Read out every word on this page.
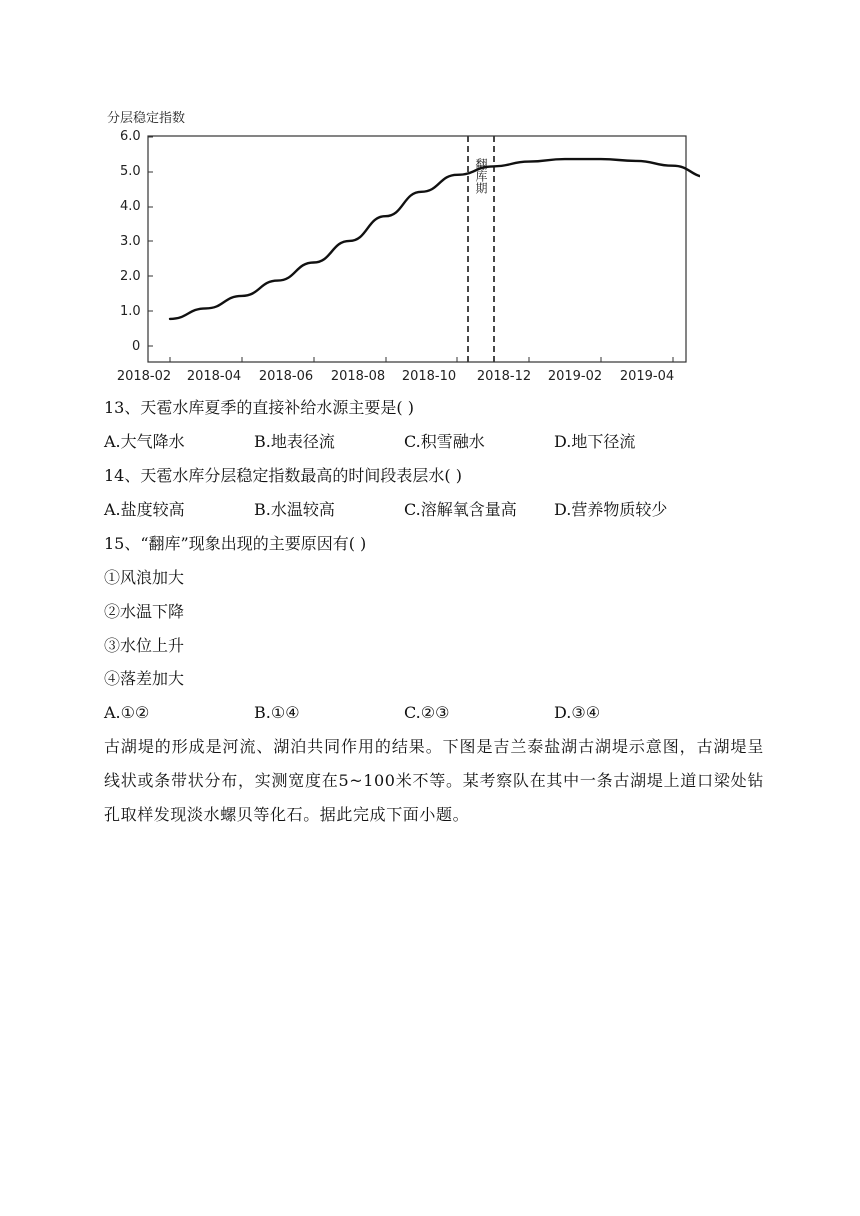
分层稳定指数
6.0
5.0
4.0
3.0
2.0
1.0
0
2018-02 2018-04 2018-06 2018-08 2018-10 2018-12 2019-02 2019-04
翻库期
13、天雹水库夏季的直接补给水源主要是( )
A.大气降水	B.地表径流	C.积雪融水	D.地下径流
14、天雹水库分层稳定指数最高的时间段表层水( )
A.盐度较高	B.水温较高	C.溶解氧含量高 D.营养物质较少
15、“翻库”现象出现的主要原因有( )
①风浪加大
②水温下降
③水位上升
④落差加大
A.①②	B.①④	C.②③	D.③④
古湖堤的形成是河流、湖泊共同作用的结果。下图是吉兰泰盐湖古湖堤示意图，古湖堤呈线状或条带状分布，实测宽度在5~100米不等。某考察队在其中一条古湖堤上道口梁处钻孔取样发现淡水螺贝等化石。据此完成下面小题。
